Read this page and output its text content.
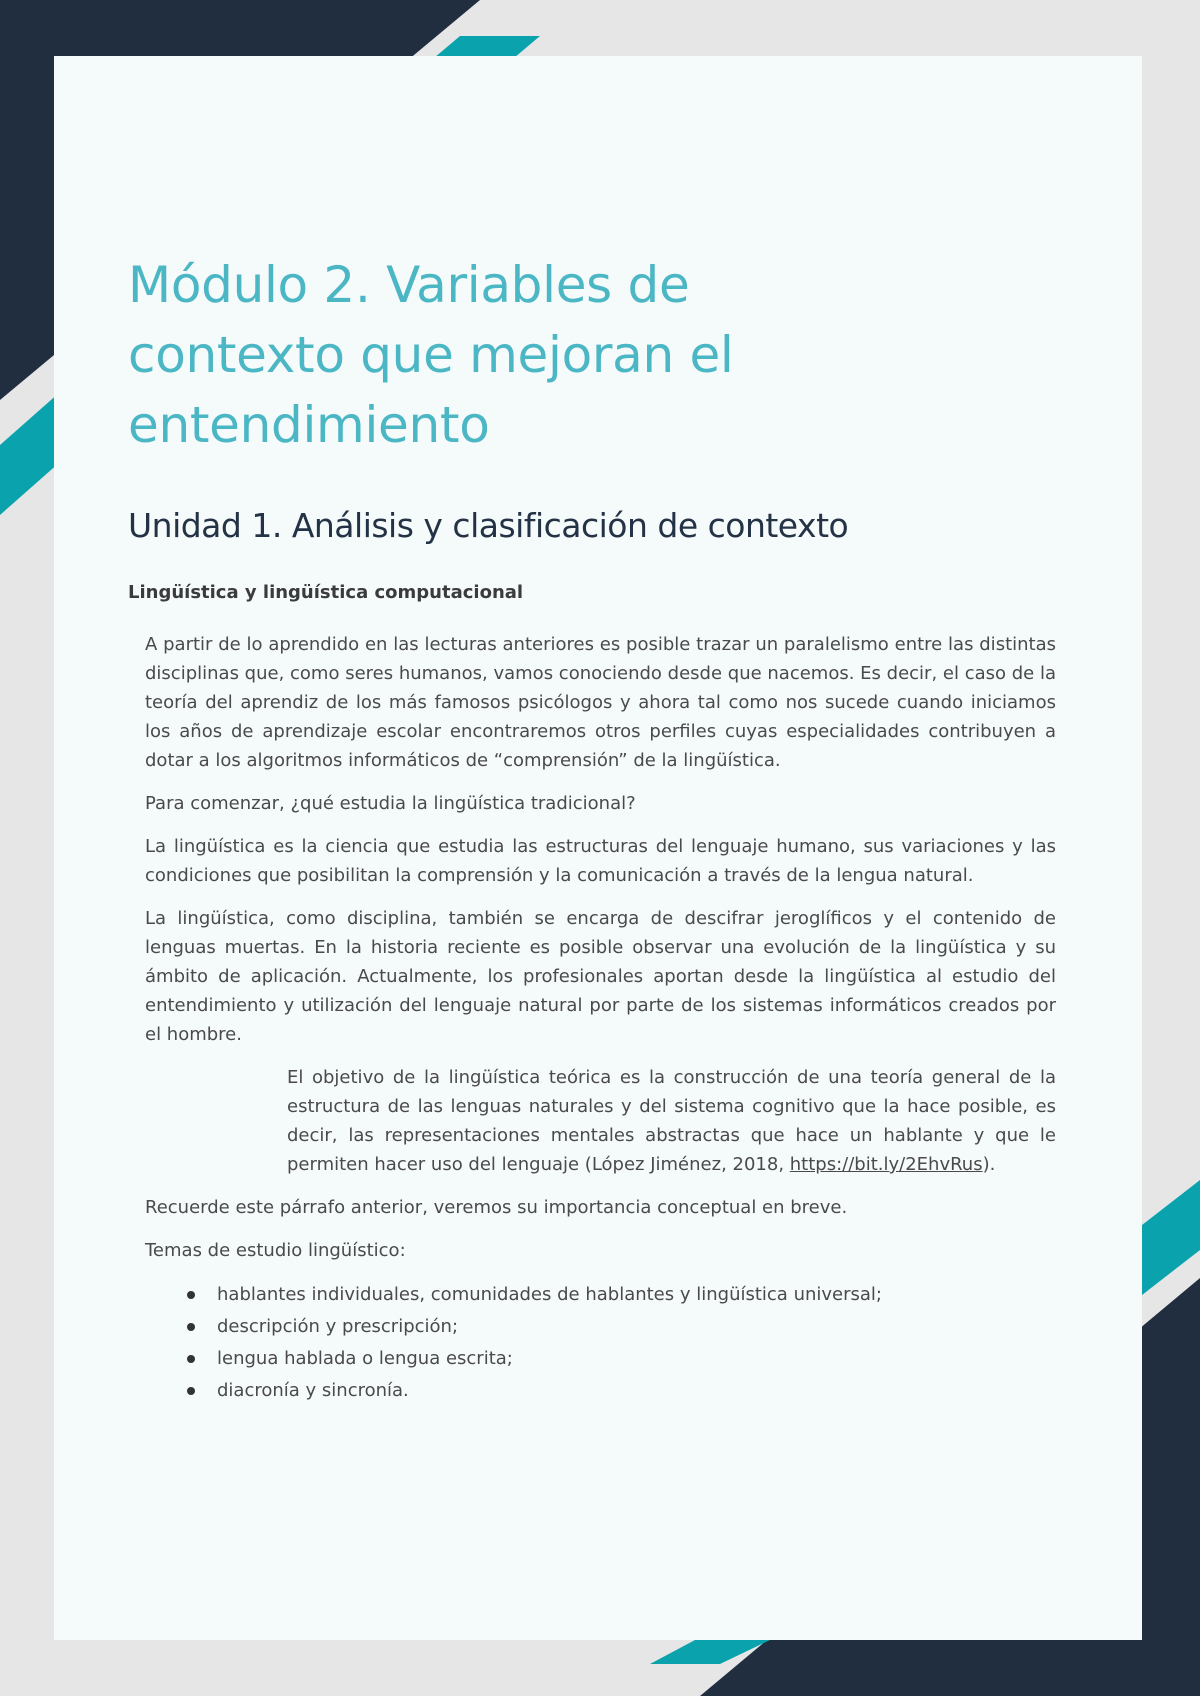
Módulo 2. Variables de contexto que mejoran el entendimiento
Unidad 1. Análisis y clasificación de contexto
Lingüística y lingüística computacional

A partir de lo aprendido en las lecturas anteriores es posible trazar un paralelismo entre las distintas disciplinas que, como seres humanos, vamos conociendo desde que nacemos. Es decir, el caso de la teoría del aprendiz de los más famosos psicólogos y ahora tal como nos sucede cuando iniciamos los años de aprendizaje escolar encontraremos otros perfiles cuyas especialidades contribuyen a dotar a los algoritmos informáticos de “comprensión” de la lingüística.

Para comenzar, ¿qué estudia la lingüística tradicional?

La lingüística es la ciencia que estudia las estructuras del lenguaje humano, sus variaciones y las condiciones que posibilitan la comprensión y la comunicación a través de la lengua natural.

La lingüística, como disciplina, también se encarga de descifrar jeroglíficos y el contenido de lenguas muertas. En la historia reciente es posible observar una evolución de la lingüística y su ámbito de aplicación. Actualmente, los profesionales aportan desde la lingüística al estudio del entendimiento y utilización del lenguaje natural por parte de los sistemas informáticos creados por el hombre.

El objetivo de la lingüística teórica es la construcción de una teoría general de la estructura de las lenguas naturales y del sistema cognitivo que la hace posible, es decir, las representaciones mentales abstractas que hace un hablante y que le permiten hacer uso del lenguaje (López Jiménez, 2018, https://bit.ly/2EhvRus).

Recuerde este párrafo anterior, veremos su importancia conceptual en breve.

Temas de estudio lingüístico:

hablantes individuales, comunidades de hablantes y lingüística universal;
descripción y prescripción;
lengua hablada o lengua escrita;
diacronía y sincronía.
